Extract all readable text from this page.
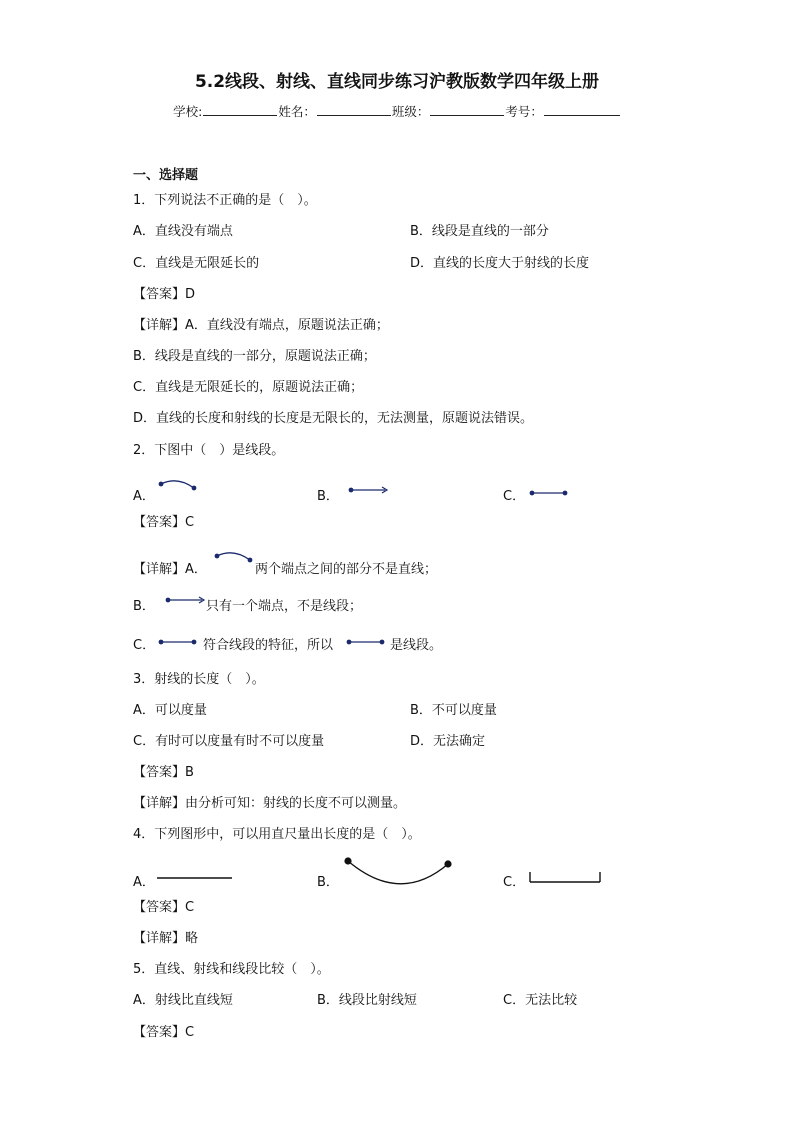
5.2线段、射线、直线同步练习沪教版数学四年级上册
学校:	姓名：	班级：	考号：
一、选择题
1．下列说法不正确的是（　）。
A．直线没有端点	B．线段是直线的一部分
C．直线是无限延长的	D．直线的长度大于射线的长度
【答案】D
【详解】A．直线没有端点，原题说法正确；
B．线段是直线的一部分，原题说法正确；
C．直线是无限延长的，原题说法正确；
D．直线的长度和射线的长度是无限长的，无法测量，原题说法错误。
2．下图中（　）是线段。
A．	B．	C．
【答案】C
【详解】A．	两个端点之间的部分不是直线；
B．	只有一个端点，不是线段；
C．	符合线段的特征，所以	是线段。
3．射线的长度（　）。
A．可以度量	B．不可以度量
C．有时可以度量有时不可以度量	D．无法确定
【答案】B
【详解】由分析可知：射线的长度不可以测量。
4．下列图形中，可以用直尺量出长度的是（　）。
A．	B．	C．
【答案】C
【详解】略
5．直线、射线和线段比较（　）。
A．射线比直线短	B．线段比射线短	C．无法比较
【答案】C
